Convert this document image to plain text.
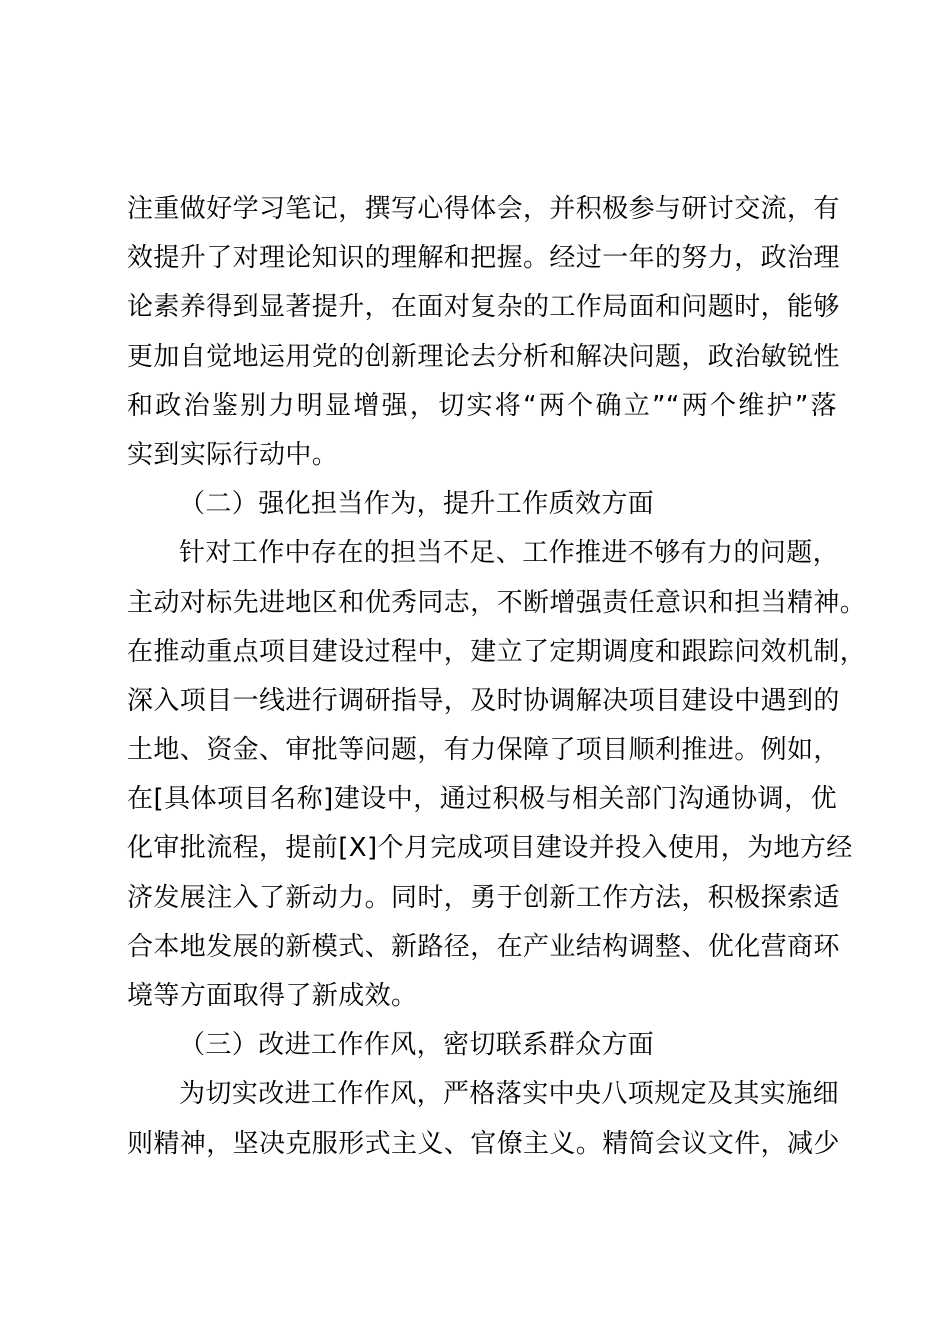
注重做好学习笔记，撰写心得体会，并积极参与研讨交流，有
效提升了对理论知识的理解和把握。经过一年的努力，政治理
论素养得到显著提升，在面对复杂的工作局面和问题时，能够
更加自觉地运用党的创新理论去分析和解决问题，政治敏锐性
和政治鉴别力明显增强，切实将“两个确立”“两个维护”落
实到实际行动中。
（二）强化担当作为，提升工作质效方面
针对工作中存在的担当不足、工作推进不够有力的问题，
主动对标先进地区和优秀同志，不断增强责任意识和担当精神。
在推动重点项目建设过程中，建立了定期调度和跟踪问效机制，
深入项目一线进行调研指导，及时协调解决项目建设中遇到的
土地、资金、审批等问题，有力保障了项目顺利推进。例如，
在[具体项目名称]建设中，通过积极与相关部门沟通协调，优
化审批流程，提前[X]个月完成项目建设并投入使用，为地方经
济发展注入了新动力。同时，勇于创新工作方法，积极探索适
合本地发展的新模式、新路径，在产业结构调整、优化营商环
境等方面取得了新成效。
（三）改进工作作风，密切联系群众方面
为切实改进工作作风，严格落实中央八项规定及其实施细
则精神，坚决克服形式主义、官僚主义。精简会议文件，减少
